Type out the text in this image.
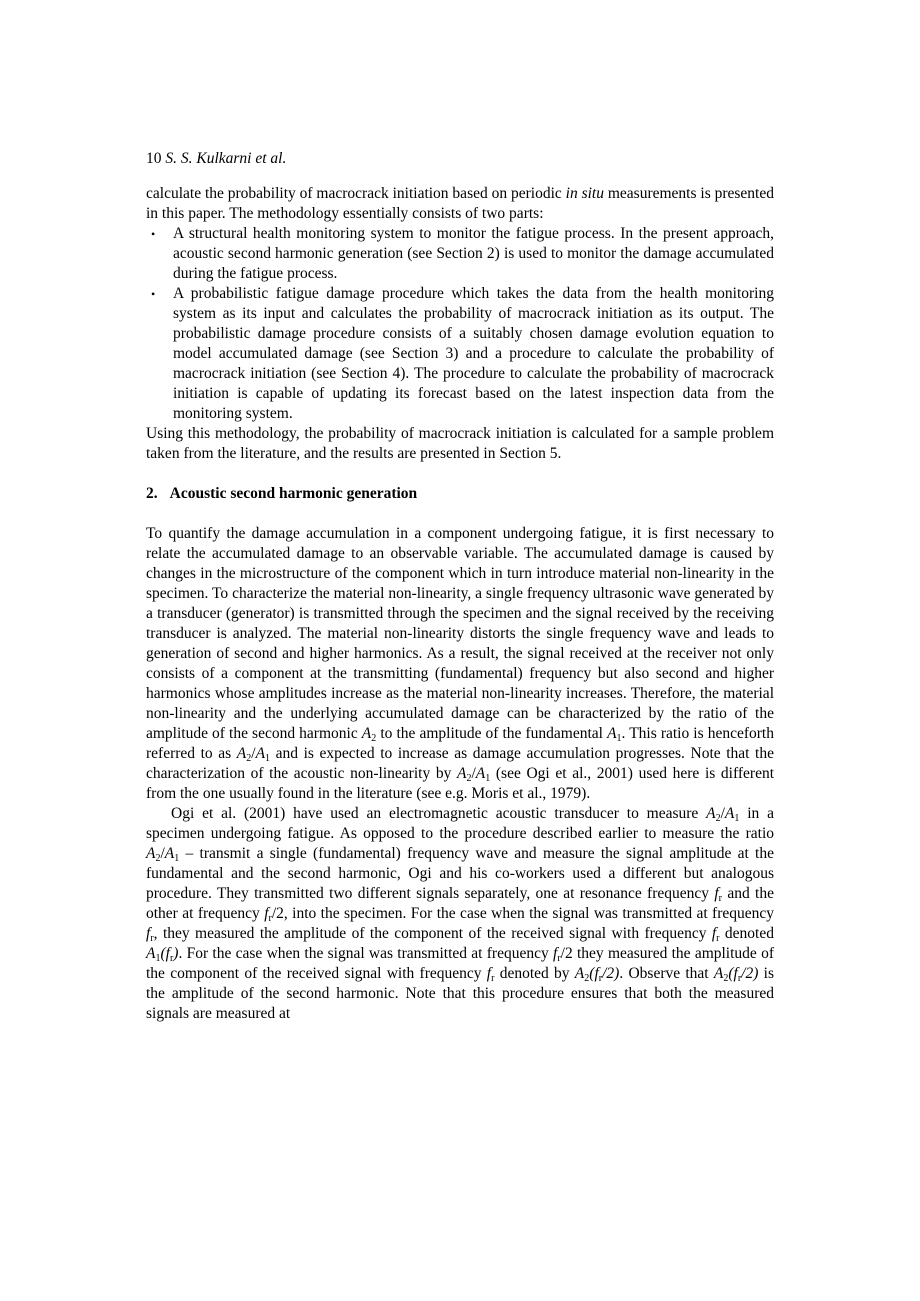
10 S. S. Kulkarni et al.

calculate the probability of macrocrack initiation based on periodic in situ measurements is presented in this paper. The methodology essentially consists of two parts:

• A structural health monitoring system to monitor the fatigue process. In the present approach, acoustic second harmonic generation (see Section 2) is used to monitor the damage accumulated during the fatigue process.
• A probabilistic fatigue damage procedure which takes the data from the health monitoring system as its input and calculates the probability of macrocrack initiation as its output. The probabilistic damage procedure consists of a suitably chosen damage evolution equation to model accumulated damage (see Section 3) and a procedure to calculate the probability of macrocrack initiation (see Section 4). The procedure to calculate the probability of macrocrack initiation is capable of updating its forecast based on the latest inspection data from the monitoring system.

Using this methodology, the probability of macrocrack initiation is calculated for a sample problem taken from the literature, and the results are presented in Section 5.

2. Acoustic second harmonic generation

To quantify the damage accumulation in a component undergoing fatigue, it is first necessary to relate the accumulated damage to an observable variable. The accumulated damage is caused by changes in the microstructure of the component which in turn introduce material non-linearity in the specimen. To characterize the material non-linearity, a single frequency ultrasonic wave generated by a transducer (generator) is transmitted through the specimen and the signal received by the receiving transducer is analyzed. The material non-linearity distorts the single frequency wave and leads to generation of second and higher harmonics. As a result, the signal received at the receiver not only consists of a component at the transmitting (fundamental) frequency but also second and higher harmonics whose amplitudes increase as the material non-linearity increases. Therefore, the material non-linearity and the underlying accumulated damage can be characterized by the ratio of the amplitude of the second harmonic $A_2$ to the amplitude of the fundamental $A_1$. This ratio is henceforth referred to as $A_2/A_1$ and is expected to increase as damage accumulation progresses. Note that the characterization of the acoustic non-linearity by $A_2/A_1$ (see Ogi et al., 2001) used here is different from the one usually found in the literature (see e.g. Moris et al., 1979).

Ogi et al. (2001) have used an electromagnetic acoustic transducer to measure $A_2/A_1$ in a specimen undergoing fatigue. As opposed to the procedure described earlier to measure the ratio $A_2/A_1$ – transmit a single (fundamental) frequency wave and measure the signal amplitude at the fundamental and the second harmonic, Ogi and his co-workers used a different but analogous procedure. They transmitted two different signals separately, one at resonance frequency $f_r$ and the other at frequency $f_r/2$, into the specimen. For the case when the signal was transmitted at frequency $f_r$, they measured the amplitude of the component of the received signal with frequency $f_r$ denoted $A_1(f_r)$. For the case when the signal was transmitted at frequency $f_r/2$ they measured the amplitude of the component of the received signal with frequency $f_r$ denoted by $A_2(f_r/2)$. Observe that $A_2(f_r/2)$ is the amplitude of the second harmonic. Note that this procedure ensures that both the measured signals are measured at
